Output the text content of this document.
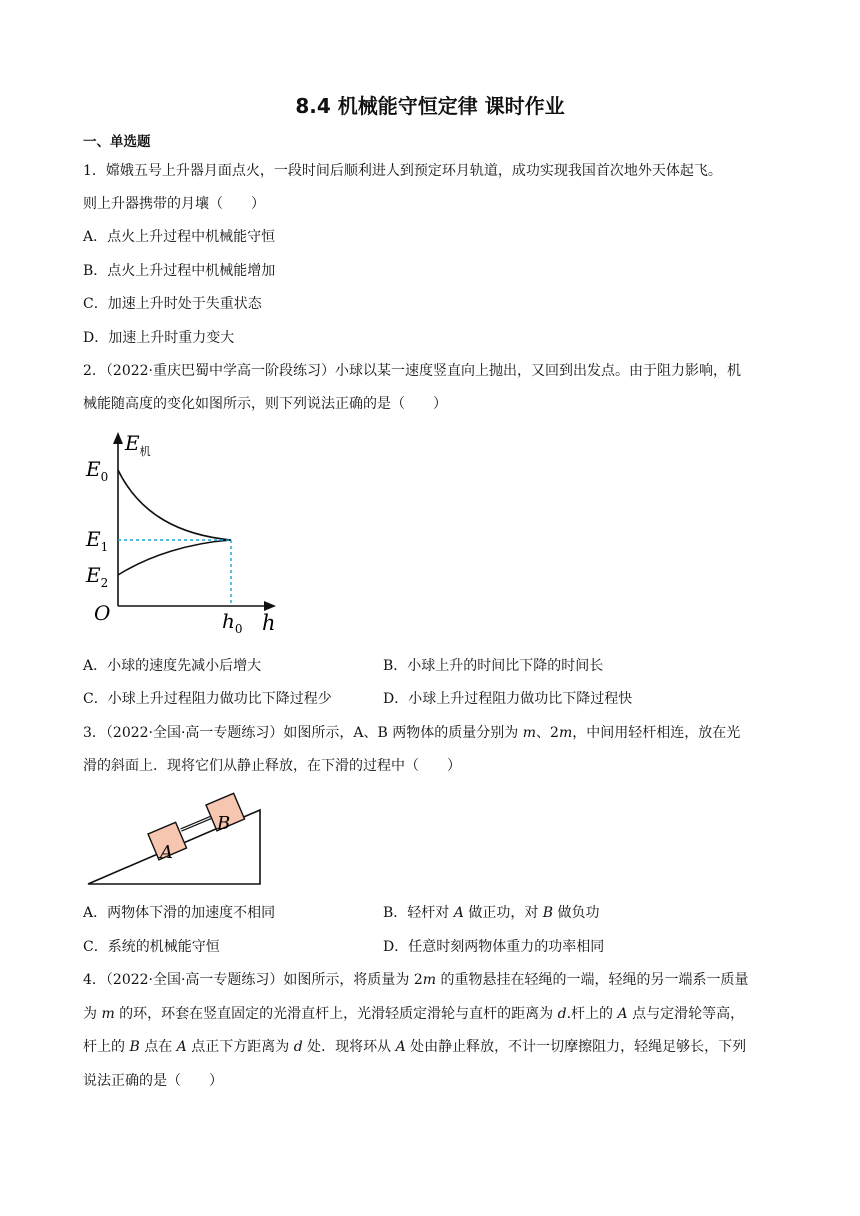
8.4 机械能守恒定律 课时作业
一、单选题
1．嫦娥五号上升器月面点火，一段时间后顺利进人到预定环月轨道，成功实现我国首次地外天体起飞。
则上升器携带的月壤（　　）
A．点火上升过程中机械能守恒
B．点火上升过程中机械能增加
C．加速上升时处于失重状态
D．加速上升时重力变大
2．（2022·重庆巴蜀中学高一阶段练习）小球以某一速度竖直向上抛出，又回到出发点。由于阻力影响，机
械能随高度的变化如图所示，则下列说法正确的是（　　）
$E_机$
$E_0$
$E_1$
$E_2$
O	$h_0$ h
A．小球的速度先减小后增大	B．小球上升的时间比下降的时间长
C．小球上升过程阻力做功比下降过程少	D．小球上升过程阻力做功比下降过程快
3．（2022·全国·高一专题练习）如图所示，A、B 两物体的质量分别为 m、2m，中间用轻杆相连，放在光
滑的斜面上．现将它们从静止释放，在下滑的过程中（　　）
A
B
A．两物体下滑的加速度不相同	B．轻杆对 A 做正功，对 B 做负功
C．系统的机械能守恒	D．任意时刻两物体重力的功率相同
4．（2022·全国·高一专题练习）如图所示，将质量为 2m 的重物悬挂在轻绳的一端，轻绳的另一端系一质量
为 m 的环，环套在竖直固定的光滑直杆上，光滑轻质定滑轮与直杆的距离为 d.杆上的 A 点与定滑轮等高，
杆上的 B 点在 A 点正下方距离为 d 处．现将环从 A 处由静止释放，不计一切摩擦阻力，轻绳足够长，下列
说法正确的是（　　）
